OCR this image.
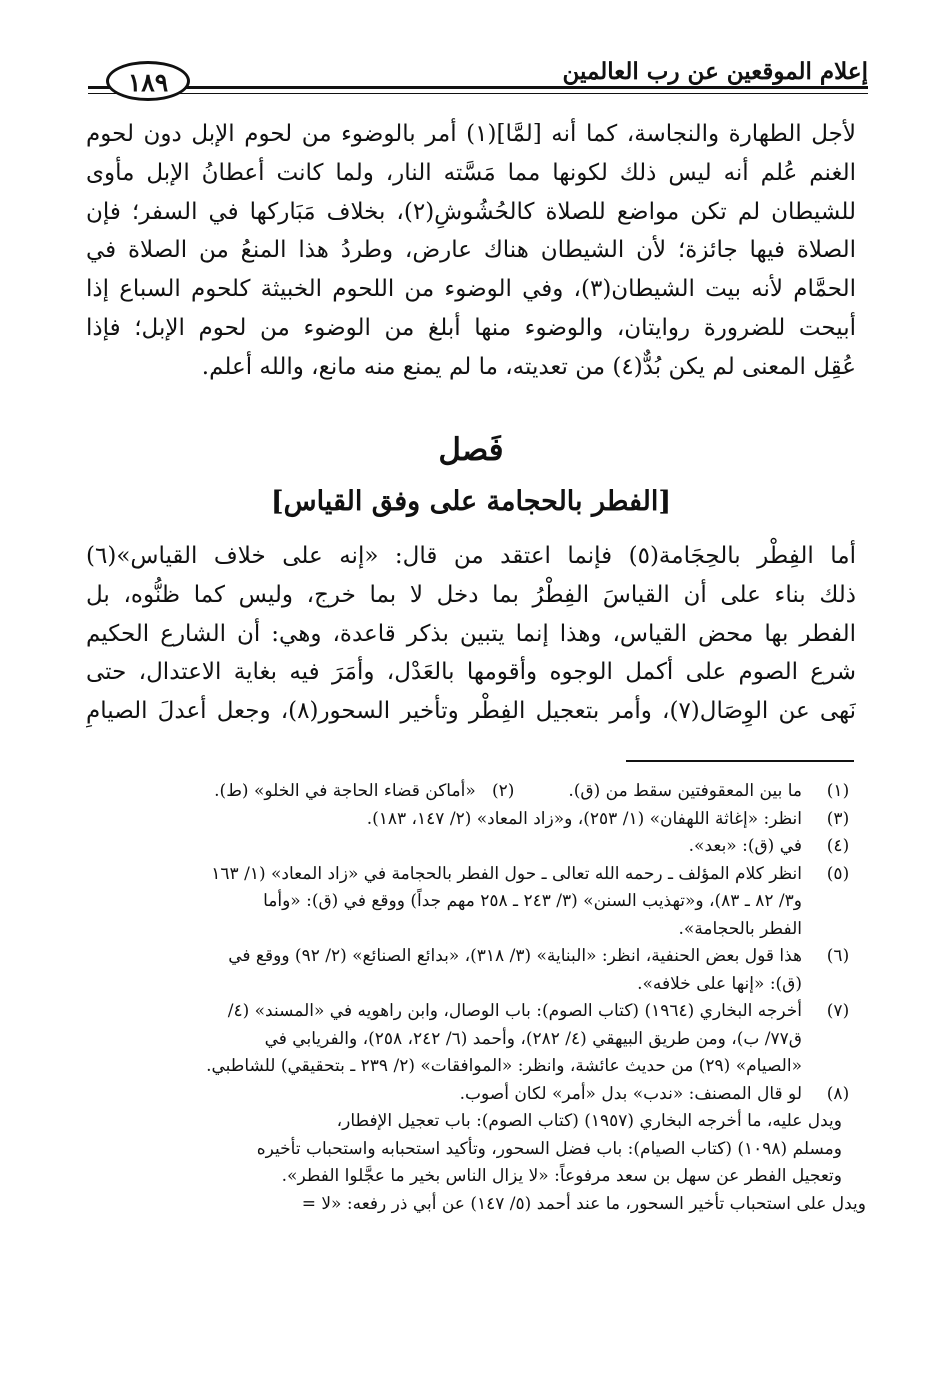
إعلام الموقعين عن رب العالمين
١٨٩
لأجل الطهارة والنجاسة، كما أنه [لمَّا](١) أمر بالوضوء من لحوم الإبل دون لحوم
الغنم عُلم أنه ليس ذلك لكونها مما مَسَّته النار، ولما كانت أعطانُ الإبل مأوى
للشيطان لم تكن مواضع للصلاة كالحُشُوشِ(٢)، بخلاف مَبَاركها في السفر؛ فإن
الصلاة فيها جائزة؛ لأن الشيطان هناك عارض، وطردُ هذا المنعُ من الصلاة في
الحمَّام لأنه بيت الشيطان(٣)، وفي الوضوء من اللحوم الخبيثة كلحوم السباع إذا
أبيحت للضرورة روايتان، والوضوء منها أبلغ من الوضوء من لحوم الإبل؛ فإذا
عُقِل المعنى لم يكن بُدٌّ(٤) من تعديته، ما لم يمنع منه مانع، والله أعلم.
فَصل
[الفطر بالحجامة على وفق القياس]
أما الفِطْر بالحِجَامة(٥) فإنما اعتقد من قال: «إنه على خلاف القياس»(٦)
ذلك بناء على أن القياسَ الفِطْرُ بما دخل لا بما خرج، وليس كما ظنُّوه، بل
الفطر بها محض القياس، وهذا إنما يتبين بذكر قاعدة، وهي: أن الشارع الحكيم
شرع الصوم على أكمل الوجوه وأقومها بالعَدْل، وأمَرَ فيه بغاية الاعتدال، حتى
نَهى عن الوِصَال(٧)، وأمر بتعجيل الفِطْر وتأخير السحور(٨)، وجعل أعدلَ الصيامِ
(١)
ما بين المعقوفتين سقط من (ق).(٢)   «أماكن قضاء الحاجة في الخلو» (ط).
(٣)
انظر: «إغاثة اللهفان» (١/ ٢٥٣)، و«زاد المعاد» (٢/ ١٤٧، ١٨٣).
(٤)
في (ق): «بعد».
(٥)
انظر كلام المؤلف ـ رحمه الله تعالى ـ حول الفطر بالحجامة في «زاد المعاد» (١/ ١٦٣
و٣/ ٨٢ ـ ٨٣)، و«تهذيب السنن» (٣/ ٢٤٣ ـ ٢٥٨ مهم جداً) ووقع في (ق): «وأما
الفطر بالحجامة».
(٦)
هذا قول بعض الحنفية، انظر: «البناية» (٣/ ٣١٨)، «بدائع الصنائع» (٢/ ٩٢) ووقع في
(ق): «إنها على خلافه».
(٧)
أخرجه البخاري (١٩٦٤) (كتاب الصوم): باب الوصال، وابن راهويه في «المسند» (٤/
ق٧٧/ ب)، ومن طريق البيهقي (٤/ ٢٨٢)، وأحمد (٦/ ٢٤٢، ٢٥٨)، والفريابي في
«الصيام» (٢٩) من حديث عائشة، وانظر: «الموافقات» (٢/ ٢٣٩ ـ بتحقيقي) للشاطبي.
(٨)
لو قال المصنف: «ندب» بدل «أمر» لكان أصوب.
ويدل عليه، ما أخرجه البخاري (١٩٥٧) (كتاب الصوم): باب تعجيل الإفطار،
ومسلم (١٠٩٨) (كتاب الصيام): باب فضل السحور، وتأكيد استحبابه واستحباب تأخيره
وتعجيل الفطر عن سهل بن سعد مرفوعاً: «لا يزال الناس بخير ما عجَّلوا الفطر».
ويدل على استحباب تأخير السحور، ما عند أحمد (٥/ ١٤٧) عن أبي ذر رفعه: «لا =
